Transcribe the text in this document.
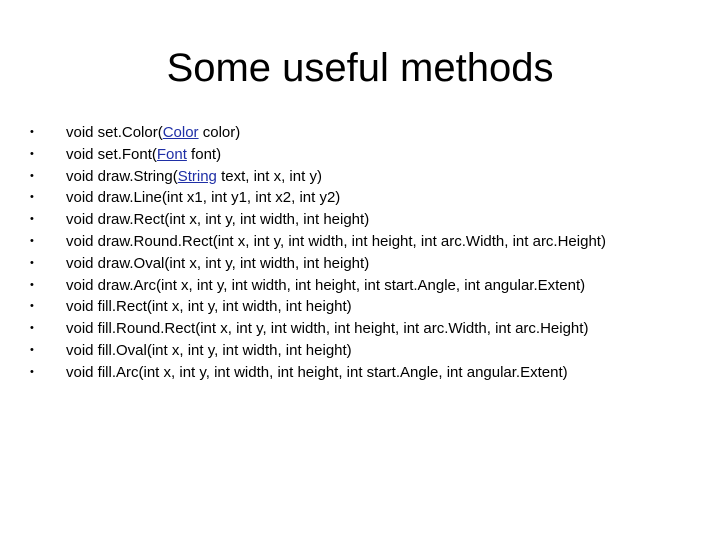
Some useful methods
• void set.Color(Color color)
• void set.Font(Font font)
• void draw.String(String text, int x, int y)
• void draw.Line(int x1, int y1, int x2, int y2)
• void draw.Rect(int x, int y, int width, int height)
• void draw.Round.Rect(int x, int y, int width, int height, int arc.Width, int arc.Height)
• void draw.Oval(int x, int y, int width, int height)
• void draw.Arc(int x, int y, int width, int height, int start.Angle, int angular.Extent)
• void fill.Rect(int x, int y, int width, int height)
• void fill.Round.Rect(int x, int y, int width, int height, int arc.Width, int arc.Height)
• void fill.Oval(int x, int y, int width, int height)
• void fill.Arc(int x, int y, int width, int height, int start.Angle, int angular.Extent)
